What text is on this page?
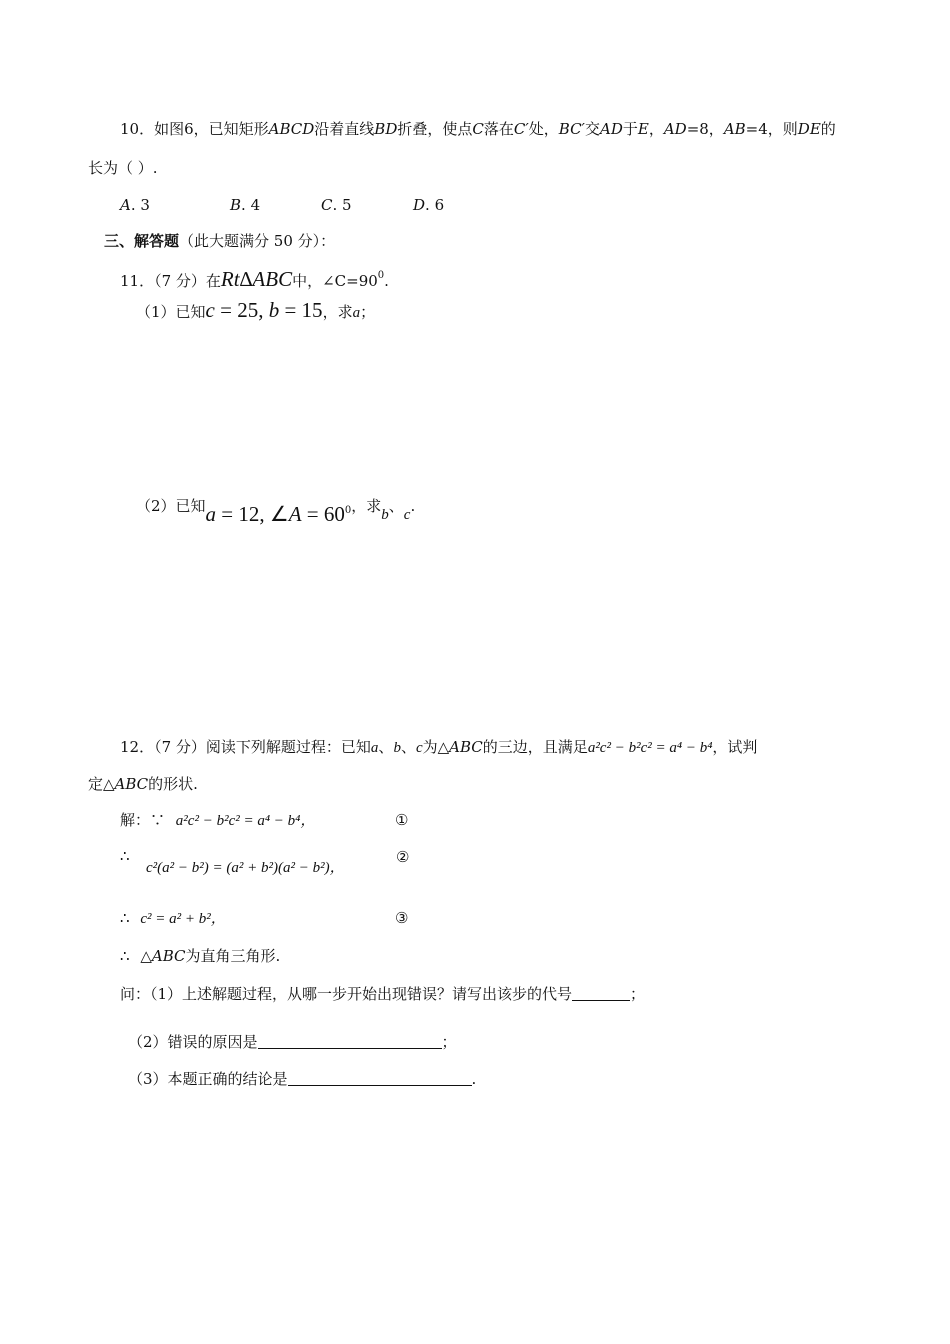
10．如图6，已知矩形ABCD沿着直线BD折叠，使点C落在C′处，BC′交AD于E，AD=8，AB=4，则DE的
长为（ ）.
A. 3	B. 4	C. 5	D. 6
三、解答题（此大题满分 50 分）：
11．（7 分）在Rt∆ABC中，$\angle C=90^0$.
（1）已知c = 25, b = 15，求a；
（2）已知a = 12, ∠A = $60^0$，求b、c.
12．（7 分）阅读下列解题过程：已知a、b、c为△ABC的三边，且满足a²c² − b²c² = a⁴ − b⁴，试判
定△ABC的形状.
解：∵ a²c² − b²c² = a⁴ − b⁴，	①
∴
c²(a² − b²) = (a² + b²)(a² − b²)，
②
∴ c² = a² + b²，	③
∴ △ABC为直角三角形.
问：（1）上述解题过程，从哪一步开始出现错误？请写出该步的代号	；
（2）错误的原因是	；
（3）本题正确的结论是	.
